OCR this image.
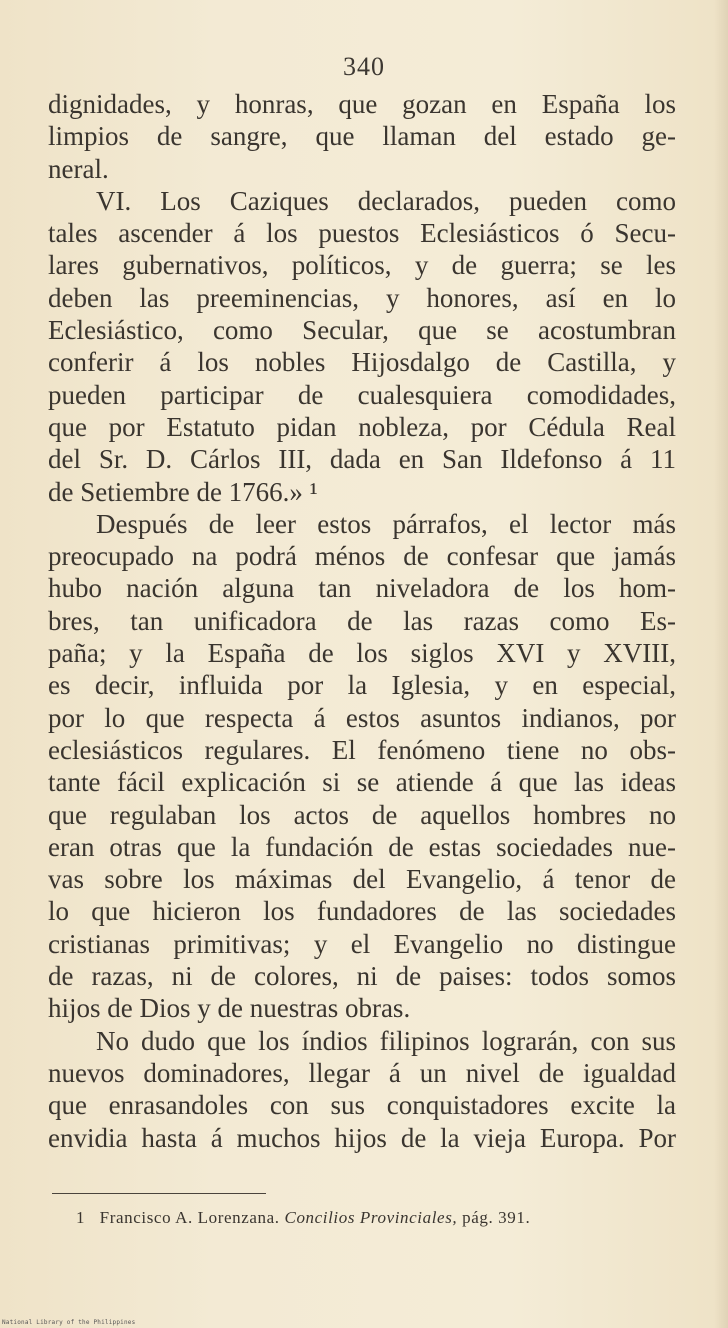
340
dignidades, y honras, que gozan en España los
limpios de sangre, que llaman del estado ge-
neral.
VI. Los Caziques declarados, pueden como
tales ascender á los puestos Eclesiásticos ó Secu-
lares gubernativos, políticos, y de guerra; se les
deben las preeminencias, y honores, así en lo
Eclesiástico, como Secular, que se acostumbran
conferir á los nobles Hijosdalgo de Castilla, y
pueden participar de cualesquiera comodidades,
que por Estatuto pidan nobleza, por Cédula Real
del Sr. D. Cárlos III, dada en San Ildefonso á 11
de Setiembre de 1766.» ¹
Después de leer estos párrafos, el lector más
preocupado na podrá ménos de confesar que jamás
hubo nación alguna tan niveladora de los hom-
bres, tan unificadora de las razas como Es-
paña; y la España de los siglos XVI y XVIII,
es decir, influida por la Iglesia, y en especial,
por lo que respecta á estos asuntos indianos, por
eclesiásticos regulares. El fenómeno tiene no obs-
tante fácil explicación si se atiende á que las ideas
que regulaban los actos de aquellos hombres no
eran otras que la fundación de estas sociedades nue-
vas sobre los máximas del Evangelio, á tenor de
lo que hicieron los fundadores de las sociedades
cristianas primitivas; y el Evangelio no distingue
de razas, ni de colores, ni de paises: todos somos
hijos de Dios y de nuestras obras.
No dudo que los índios filipinos lograrán, con sus
nuevos dominadores, llegar á un nivel de igualdad
que enrasandoles con sus conquistadores excite la
envidia hasta á muchos hijos de la vieja Europa. Por
1 Francisco A. Lorenzana. Concilios Provinciales, pág. 391.
National Library of the Philippines
